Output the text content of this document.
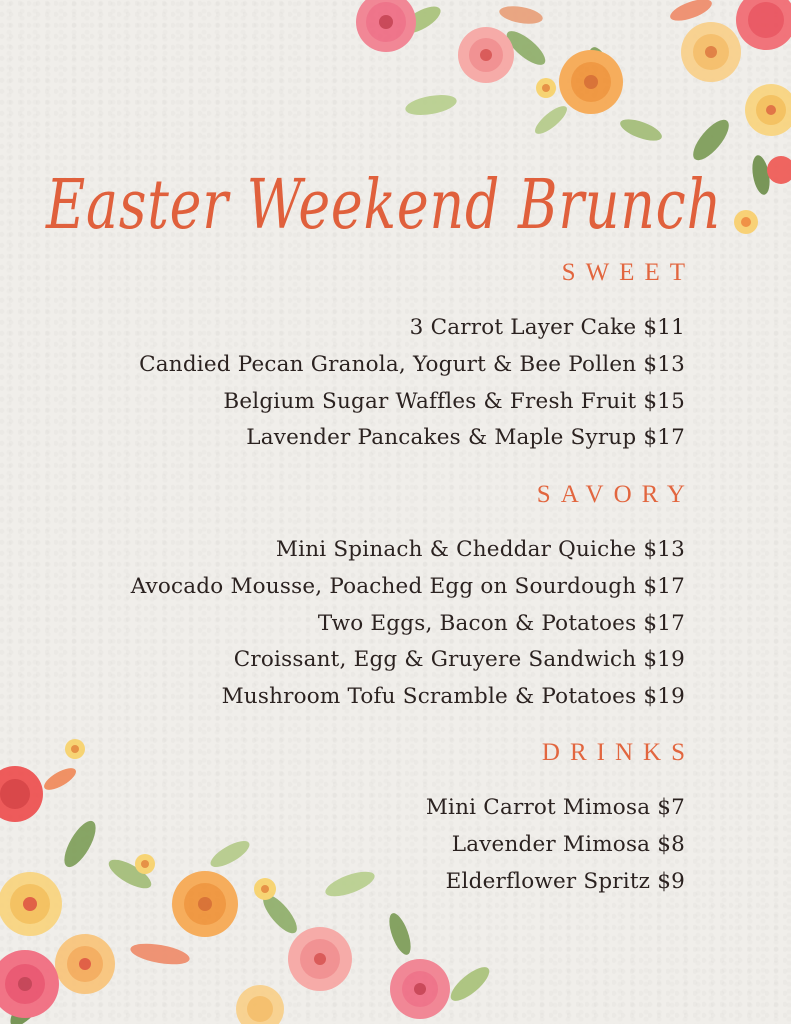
Easter Weekend Brunch
SWEET
3 Carrot Layer Cake $11
Candied Pecan Granola, Yogurt & Bee Pollen $13
Belgium Sugar Waffles & Fresh Fruit $15
Lavender Pancakes & Maple Syrup $17
SAVORY
Mini Spinach & Cheddar Quiche $13
Avocado Mousse, Poached Egg on Sourdough $17
Two Eggs, Bacon & Potatoes $17
Croissant, Egg & Gruyere Sandwich $19
Mushroom Tofu Scramble & Potatoes $19
DRINKS
Mini Carrot Mimosa $7
Lavender Mimosa $8
Elderflower Spritz $9
